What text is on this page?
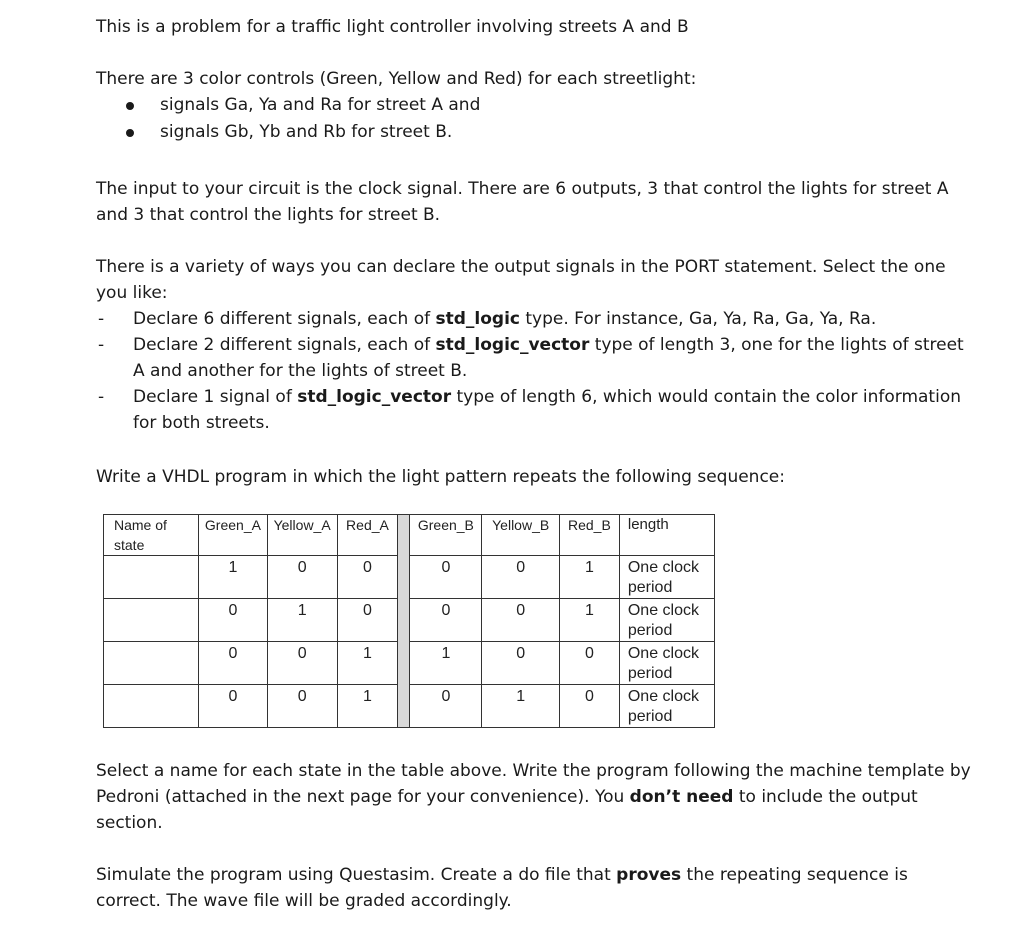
This is a problem for a traffic light controller involving streets A and B

There are 3 color controls (Green, Yellow and Red) for each streetlight:

signals Ga, Ya and Ra for street A and
signals Gb, Yb and Rb for street B.

The input to your circuit is the clock signal. There are 6 outputs, 3 that control the lights for street A and 3 that control the lights for street B.

There is a variety of ways you can declare the output signals in the PORT statement. Select the one you like:

- Declare 6 different signals, each of std_logic type. For instance, Ga, Ya, Ra, Ga, Ya, Ra.
- Declare 2 different signals, each of std_logic_vector type of length 3, one for the lights of street A and another for the lights of street B.
- Declare 1 signal of std_logic_vector type of length 6, which would contain the color information for both streets.

Write a VHDL program in which the light pattern repeats the following sequence:

Name of state	Green_A	Yellow_A	Red_A		Green_B	Yellow_B	Red_B	length
	1	0	0		0	0	1	One clock period
	0	1	0		0	0	1	One clock period
	0	0	1		1	0	0	One clock period
	0	0	1		0	1	0	One clock period

Select a name for each state in the table above. Write the program following the machine template by Pedroni (attached in the next page for your convenience). You don’t need to include the output section.

Simulate the program using Questasim. Create a do file that proves the repeating sequence is correct. The wave file will be graded accordingly.
